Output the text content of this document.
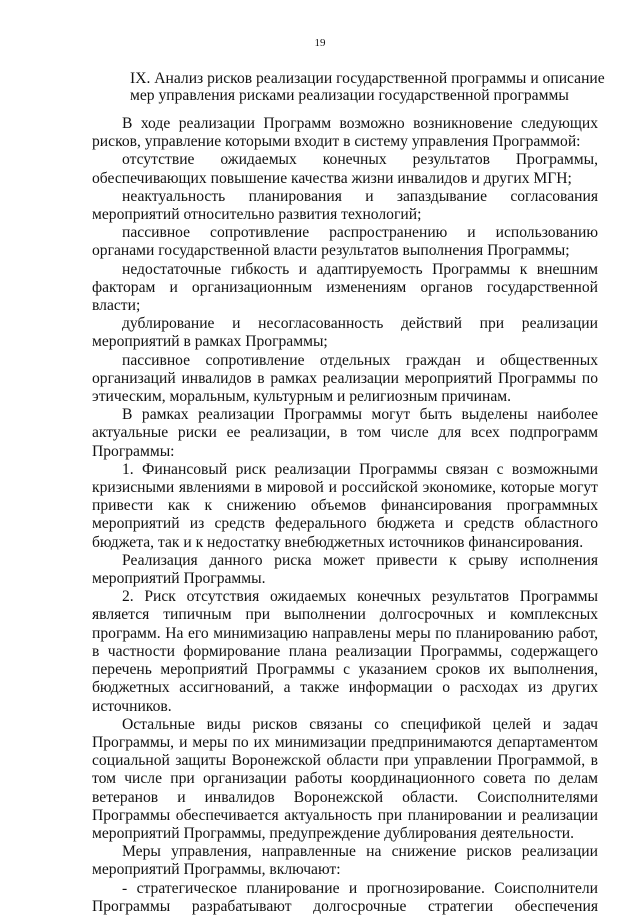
19

IX. Анализ рисков реализации государственной программы и описание

мер управления рисками реализации государственной программы

В ходе реализации Программ возможно возникновение следующих рисков, управление которыми входит в систему управления Программой:

отсутствие ожидаемых конечных результатов Программы, обеспечивающих повышение качества жизни инвалидов и других МГН;

неактуальность планирования и запаздывание согласования мероприятий относительно развития технологий;

пассивное сопротивление распространению и использованию органами государственной власти результатов выполнения Программы;

недостаточные гибкость и адаптируемость Программы к внешним факторам и организационным изменениям органов государственной власти;

дублирование и несогласованность действий при реализации мероприятий в рамках Программы;

пассивное сопротивление отдельных граждан и общественных организаций инвалидов в рамках реализации мероприятий Программы по этическим, моральным, культурным и религиозным причинам.

В рамках реализации Программы могут быть выделены наиболее актуальные риски ее реализации, в том числе для всех подпрограмм Программы:

1. Финансовый риск реализации Программы связан с возможными кризисными явлениями в мировой и российской экономике, которые могут привести как к снижению объемов финансирования программных мероприятий из средств федерального бюджета и средств областного бюджета, так и к недостатку внебюджетных источников финансирования.

Реализация данного риска может привести к срыву исполнения мероприятий Программы.

2. Риск отсутствия ожидаемых конечных результатов Программы является типичным при выполнении долгосрочных и комплексных программ. На его минимизацию направлены меры по планированию работ, в частности формирование плана реализации Программы, содержащего перечень мероприятий Программы с указанием сроков их выполнения, бюджетных ассигнований, а также информации о расходах из других источников.

Остальные виды рисков связаны со спецификой целей и задач Программы, и меры по их минимизации предпринимаются департаментом социальной защиты Воронежской области при управлении Программой, в том числе при организации работы координационного совета по делам ветеранов и инвалидов Воронежской области. Соисполнителями Программы обеспечивается актуальность при планировании и реализации мероприятий Программы, предупреждение дублирования деятельности.

Меры управления, направленные на снижение рисков реализации мероприятий Программы, включают:

- стратегическое планирование и прогнозирование. Соисполнители Программы разрабатывают долгосрочные стратегии обеспечения
